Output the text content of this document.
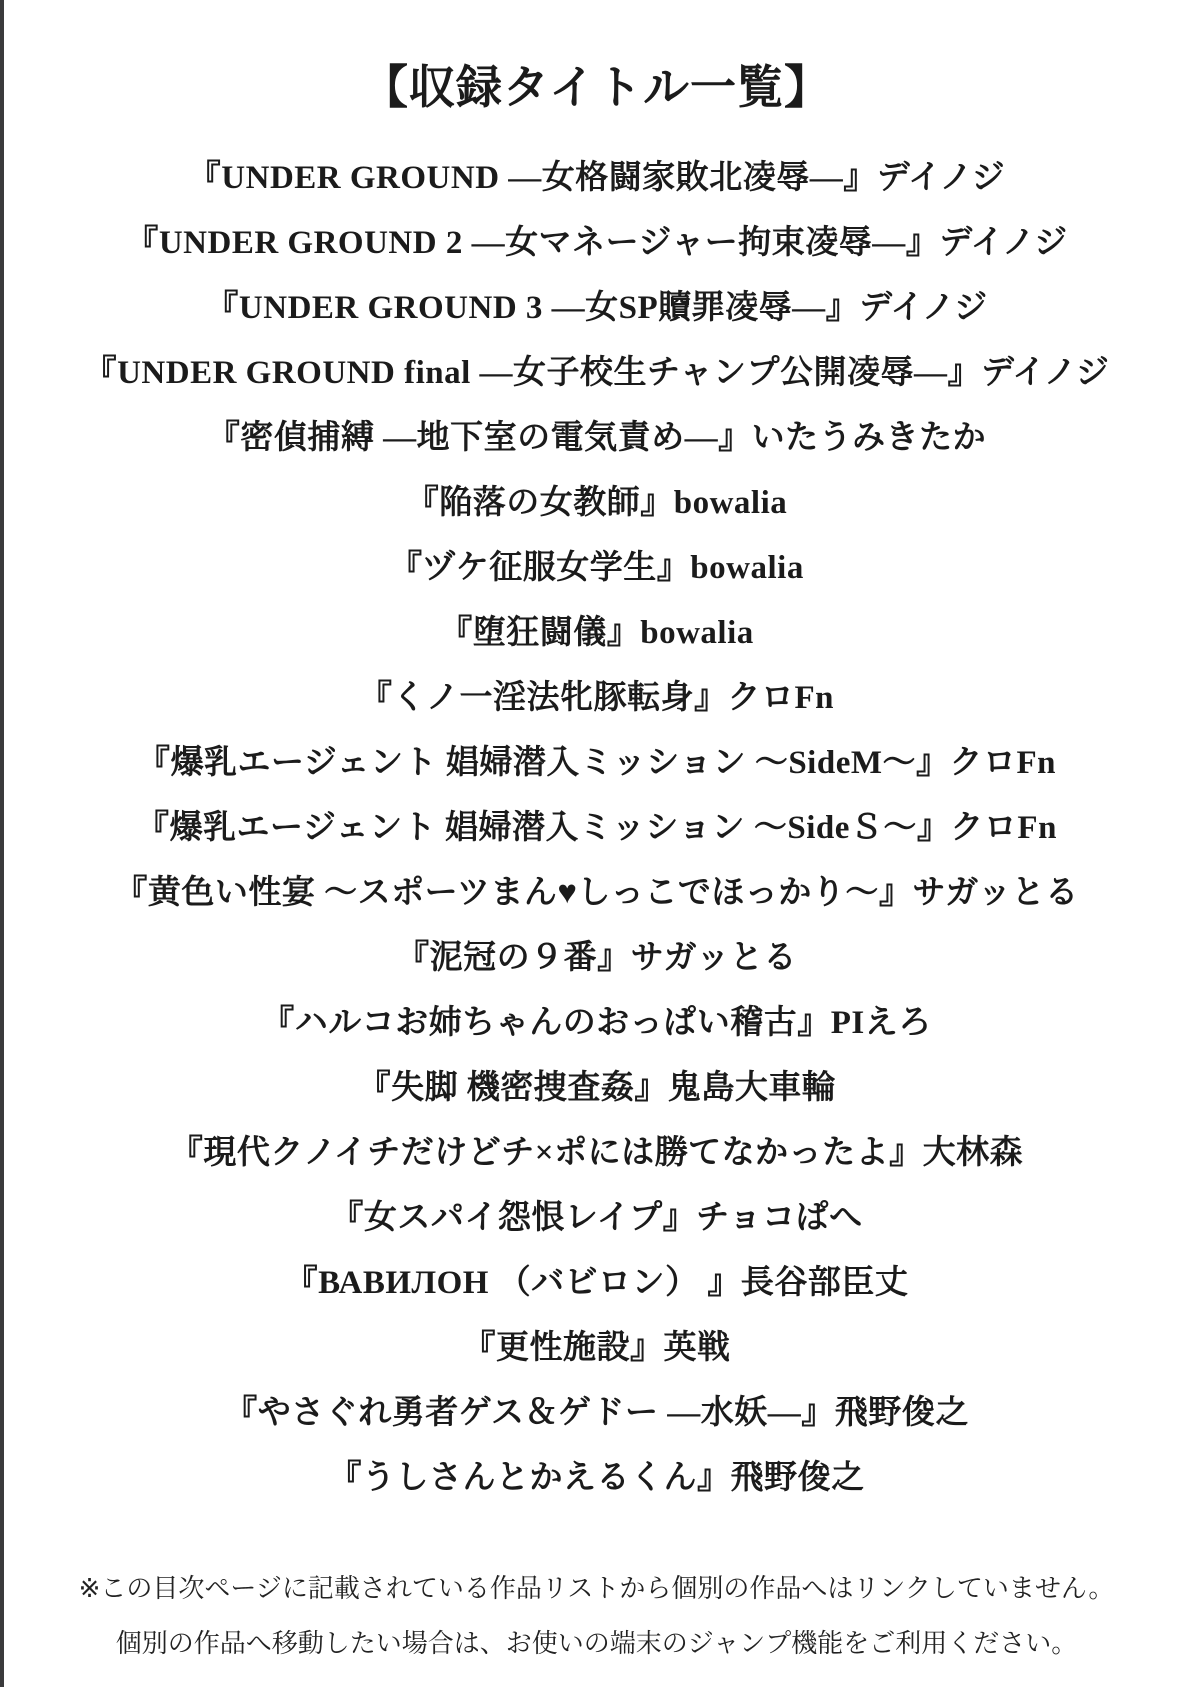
【収録タイトル一覧】
『UNDER GROUND ―女格闘家敗北凌辱―』デイノジ
『UNDER GROUND 2 ―女マネージャー拘束凌辱―』デイノジ
『UNDER GROUND 3 ―女SP贖罪凌辱―』デイノジ
『UNDER GROUND final ―女子校生チャンプ公開凌辱―』デイノジ
『密偵捕縛 ―地下室の電気責め―』いたうみきたか
『陥落の女教師』bowalia
『ヅケ征服女学生』bowalia
『堕狂闘儀』bowalia
『くノ一淫法牝豚転身』クロFn
『爆乳エージェント 娼婦潜入ミッション ～SideM～』クロFn
『爆乳エージェント 娼婦潜入ミッション ～SideＳ～』クロFn
『黄色い性宴 ～スポーツまん♥しっこでほっかり～』サガッとる
『泥冠の９番』サガッとる
『ハルコお姉ちゃんのおっぱい稽古』PIえろ
『失脚 機密捜査姦』鬼島大車輪
『現代クノイチだけどチ×ポには勝てなかったよ』大林森
『女スパイ怨恨レイプ』チョコぱへ
『ВАВИЛОН （バビロン） 』長谷部臣丈
『更性施設』英戦
『やさぐれ勇者ゲス＆ゲドー ―水妖―』飛野俊之
『うしさんとかえるくん』飛野俊之
※この目次ページに記載されている作品リストから個別の作品へはリンクしていません。
個別の作品へ移動したい場合は、お使いの端末のジャンプ機能をご利用ください。
